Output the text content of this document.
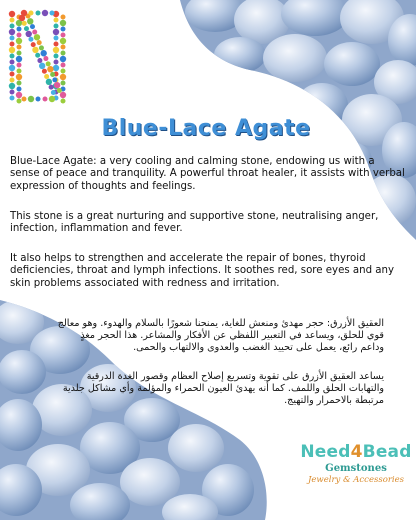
Blue-Lace Agate

Blue-Lace Agate: a very cooling and calming stone, endowing us with a sense of peace and tranquility. A powerful throat healer, it assists with verbal expression of thoughts and feelings.

This stone is a great nurturing and supportive stone, neutralising anger, infection, inflammation and fever.

It also helps to strengthen and accelerate the repair of bones, thyroid deficiencies, throat and lymph infections. It soothes red, sore eyes and any skin problems associated with redness and irritation.

العقيق الأزرق: حجر مهدئ ومنعش للغاية، يمنحنا شعورًا بالسلام والهدوء. وهو معالج قوي للحلق، ويساعد في التعبير اللفظي عن الأفكار والمشاعر. هذا الحجر مغذٍ وداعم رائع، يعمل على تحييد الغضب والعدوى والالتهاب والحمى.

يساعد العقيق الأزرق على تقوية وتسريع إصلاح العظام وقصور الغدة الدرقية والتهابات الحلق واللمف. كما أنه يهدئ العيون الحمراء والمؤلمة وأي مشاكل جلدية مرتبطة بالاحمرار والتهيج.

Need4Bead
Gemstones
Jewelry & Accessories
